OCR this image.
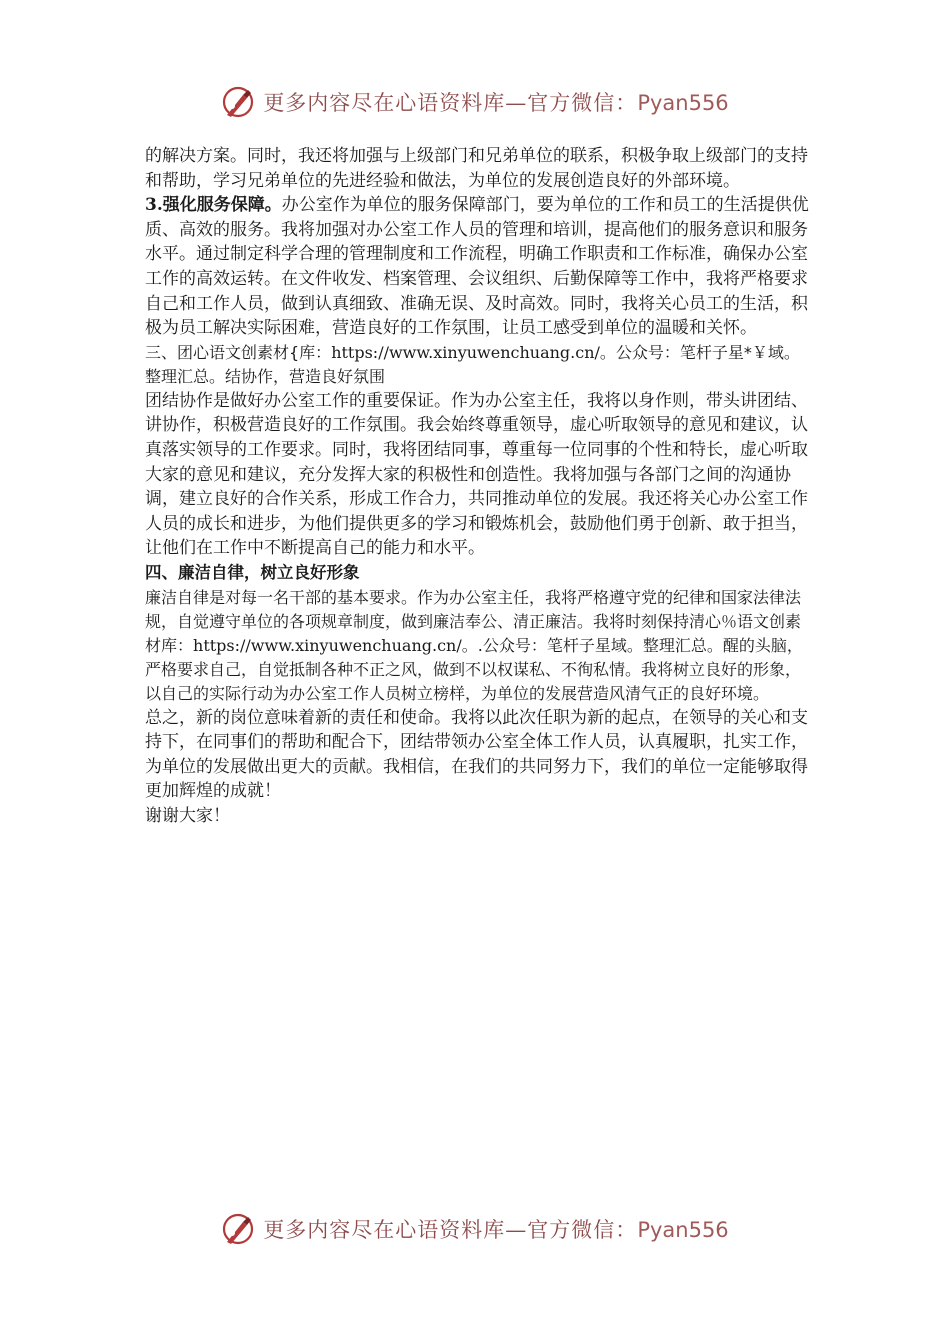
更多内容尽在心语资料库—官方微信：Pyan556

的解决方案。同时，我还将加强与上级部门和兄弟单位的联系，积极争取上级部门的支持和帮助，学习兄弟单位的先进经验和做法，为单位的发展创造良好的外部环境。

3.强化服务保障。办公室作为单位的服务保障部门，要为单位的工作和员工的生活提供优质、高效的服务。我将加强对办公室工作人员的管理和培训，提高他们的服务意识和服务水平。通过制定科学合理的管理制度和工作流程，明确工作职责和工作标准，确保办公室工作的高效运转。在文件收发、档案管理、会议组织、后勤保障等工作中，我将严格要求自己和工作人员，做到认真细致、准确无误、及时高效。同时，我将关心员工的生活，积极为员工解决实际困难，营造良好的工作氛围，让员工感受到单位的温暖和关怀。

三、团心语文创素材{库：https://www.xinyuwenchuang.cn/。公众号：笔杆子星*￥域。整理汇总。结协作，营造良好氛围

团结协作是做好办公室工作的重要保证。作为办公室主任，我将以身作则，带头讲团结、讲协作，积极营造良好的工作氛围。我会始终尊重领导，虚心听取领导的意见和建议，认真落实领导的工作要求。同时，我将团结同事，尊重每一位同事的个性和特长，虚心听取大家的意见和建议，充分发挥大家的积极性和创造性。我将加强与各部门之间的沟通协调，建立良好的合作关系，形成工作合力，共同推动单位的发展。我还将关心办公室工作人员的成长和进步，为他们提供更多的学习和锻炼机会，鼓励他们勇于创新、敢于担当，让他们在工作中不断提高自己的能力和水平。

四、廉洁自律，树立良好形象

廉洁自律是对每一名干部的基本要求。作为办公室主任，我将严格遵守党的纪律和国家法律法规，自觉遵守单位的各项规章制度，做到廉洁奉公、清正廉洁。我将时刻保持清心％语文创素材库：https://www.xinyuwenchuang.cn/。.公众号：笔杆子星域。整理汇总。醒的头脑，严格要求自己，自觉抵制各种不正之风，做到不以权谋私、不徇私情。我将树立良好的形象，以自己的实际行动为办公室工作人员树立榜样，为单位的发展营造风清气正的良好环境。

总之，新的岗位意味着新的责任和使命。我将以此次任职为新的起点，在领导的关心和支持下，在同事们的帮助和配合下，团结带领办公室全体工作人员，认真履职，扎实工作，为单位的发展做出更大的贡献。我相信，在我们的共同努力下，我们的单位一定能够取得更加辉煌的成就！

谢谢大家！

更多内容尽在心语资料库—官方微信：Pyan556
